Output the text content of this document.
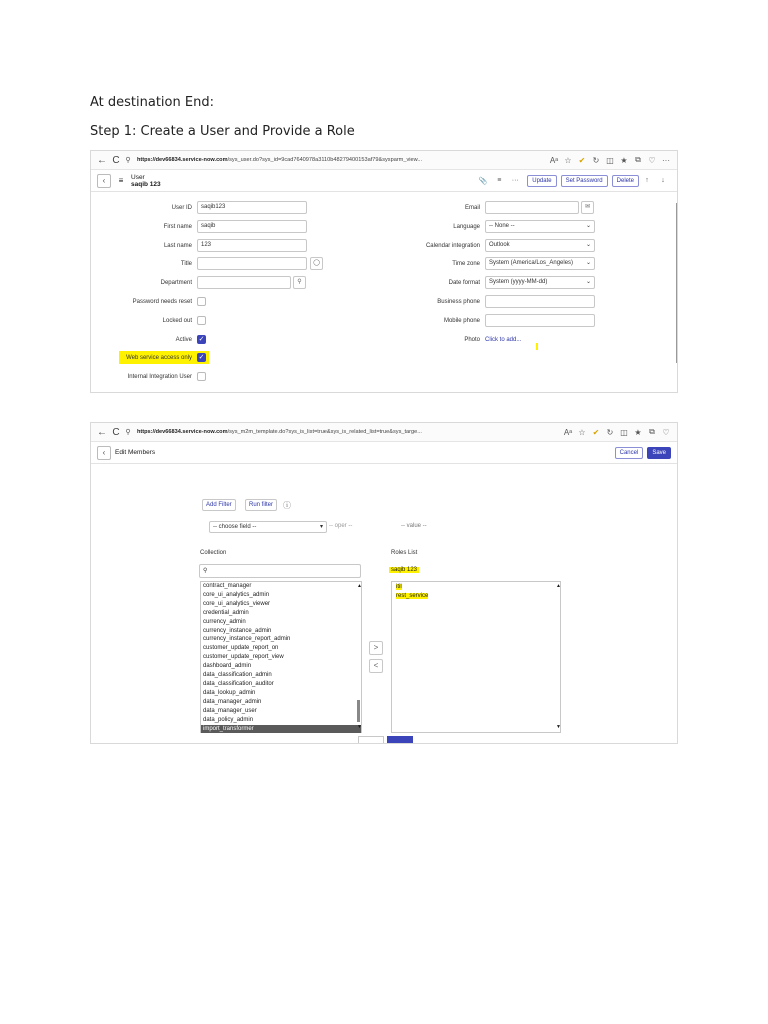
At destination End:
Step 1: Create a User and Provide a Role
← C ⚲	https://dev66834.service-now.com/sys_user.do?sys_id=9cad7640978a3110b48279400153af79&sysparm_view...	Aᵃ ☆ ✔ ↻ ◫ ★ ⧉ ♡ ···
‹	≡	User
saqib 123	📎	≡	···	Update	Set Password	Delete	↑	↓
User ID	saqib123
First name	saqib
Last name	123
Title	◯
Department	⚲
Password needs reset
Locked out
Active ✓
Web service access only ✓
Internal Integration User
Email	✉
Language	-- None --	⌄
Calendar integration	Outlook	⌄
Time zone	System (America/Los_Angeles) ⌄
Date format	System (yyyy-MM-dd)	⌄
Business phone
Mobile phone
Photo Click to add...
← C ⚲	https://dev66834.service-now.com/sys_m2m_template.do?sys_is_list=true&sys_is_related_list=true&sys_targe...	Aᵃ ☆ ✔ ↻ ◫ ★ ⧉ ♡
‹	Edit Members	Cancel	Save
Add Filter	Run filter	ⓘ
-- choose field --	▾ -- oper --	-- value --
Collection	Roles List
⚲	saqib 123
contract_manager
core_ui_analytics_admin
core_ui_analytics_viewer
credential_admin
currency_admin
currency_instance_admin
currency_instance_report_admin
customer_update_report_on
customer_update_report_view
dashboard_admin
data_classification_admin
data_classification_auditor
data_lookup_admin
data_manager_admin
data_manager_user
data_policy_admin
import_transformer
▲
▼
>
<
itil
rest_service
▲
▼
